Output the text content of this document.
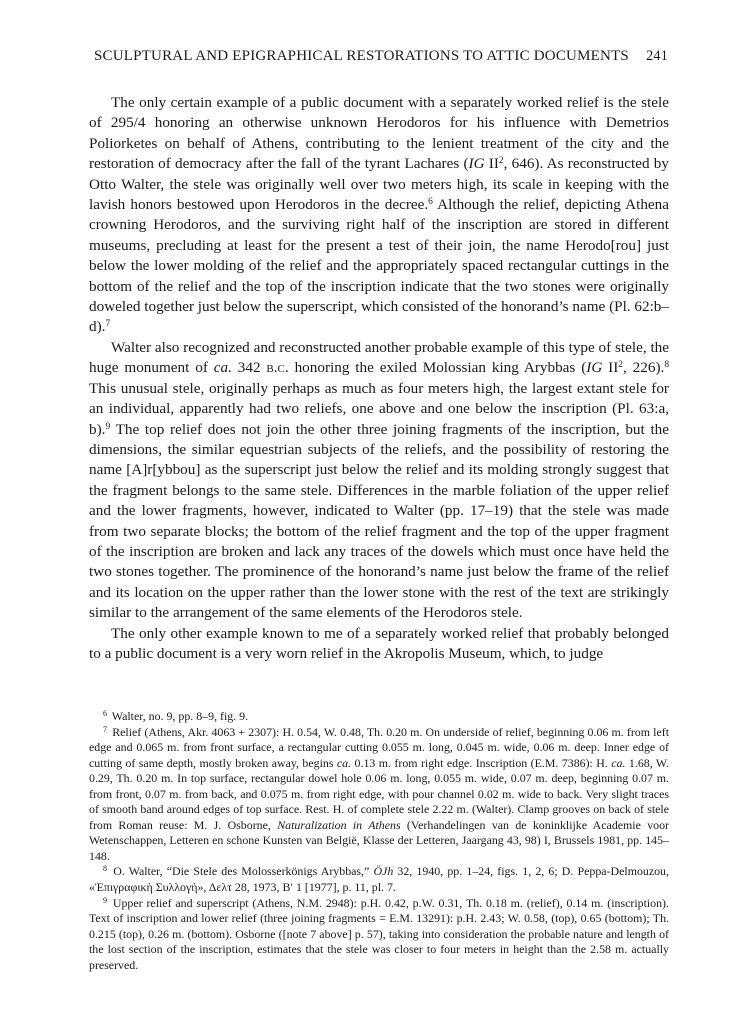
SCULPTURAL AND EPIGRAPHICAL RESTORATIONS TO ATTIC DOCUMENTS 241

The only certain example of a public document with a separately worked relief is the stele of 295/4 honoring an otherwise unknown Herodoros for his influence with Demetrios Poliorketes on behalf of Athens, contributing to the lenient treatment of the city and the restoration of democracy after the fall of the tyrant Lachares (IG $II^2$, 646). As reconstructed by Otto Walter, the stele was originally well over two meters high, its scale in keeping with the lavish honors bestowed upon Herodoros in the decree.$^6$ Although the relief, depicting Athena crowning Herodoros, and the surviving right half of the inscription are stored in different museums, precluding at least for the present a test of their join, the name Herodo[rou] just below the lower molding of the relief and the appropriately spaced rectangular cuttings in the bottom of the relief and the top of the inscription indicate that the two stones were originally doweled together just below the superscript, which consisted of the honorand’s name (Pl. 62:b–d).$^7$

Walter also recognized and reconstructed another probable example of this type of stele, the huge monument of ca. 342 b.c. honoring the exiled Molossian king Arybbas (IG $II^2$, 226).$^8$ This unusual stele, originally perhaps as much as four meters high, the largest extant stele for an individual, apparently had two reliefs, one above and one below the inscription (Pl. 63:a, b).$^9$ The top relief does not join the other three joining fragments of the inscription, but the dimensions, the similar equestrian subjects of the reliefs, and the possibility of restoring the name [A]r[ybbou] as the superscript just below the relief and its molding strongly suggest that the fragment belongs to the same stele. Differences in the marble foliation of the upper relief and the lower fragments, however, indicated to Walter (pp. 17–19) that the stele was made from two separate blocks; the bottom of the relief fragment and the top of the upper fragment of the inscription are broken and lack any traces of the dowels which must once have held the two stones together. The prominence of the honorand’s name just below the frame of the relief and its location on the upper rather than the lower stone with the rest of the text are strikingly similar to the arrangement of the same elements of the Herodoros stele.

The only other example known to me of a separately worked relief that probably belonged to a public document is a very worn relief in the Akropolis Museum, which, to judge

$^6$ Walter, no. 9, pp. 8–9, fig. 9.

$^7$ Relief (Athens, Akr. 4063 + 2307): H. 0.54, W. 0.48, Th. 0.20 m. On underside of relief, beginning 0.06 m. from left edge and 0.065 m. from front surface, a rectangular cutting 0.055 m. long, 0.045 m. wide, 0.06 m. deep. Inner edge of cutting of same depth, mostly broken away, begins ca. 0.13 m. from right edge. Inscription (E.M. 7386): H. ca. 1.68, W. 0.29, Th. 0.20 m. In top surface, rectangular dowel hole 0.06 m. long, 0.055 m. wide, 0.07 m. deep, beginning 0.07 m. from front, 0.07 m. from back, and 0.075 m. from right edge, with pour channel 0.02 m. wide to back. Very slight traces of smooth band around edges of top surface. Rest. H. of complete stele 2.22 m. (Walter). Clamp grooves on back of stele from Roman reuse: M. J. Osborne, Naturalization in Athens (Verhandelingen van de koninklijke Academie voor Wetenschappen, Letteren en schone Kunsten van België, Klasse der Letteren, Jaargang 43, 98) I, Brussels 1981, pp. 145–148.

$^8$ O. Walter, “Die Stele des Molosserkönigs Arybbas,” ÖJh 32, 1940, pp. 1–24, figs. 1, 2, 6; D. Peppa-Delmouzou, «Ἐπιγραφικὴ Συλλογή», Δελτ 28, 1973, Β′ 1 [1977], p. 11, pl. 7.

$^9$ Upper relief and superscript (Athens, N.M. 2948): p.H. 0.42, p.W. 0.31, Th. 0.18 m. (relief), 0.14 m. (inscription). Text of inscription and lower relief (three joining fragments = E.M. 13291): p.H. 2.43; W. 0.58, (top), 0.65 (bottom); Th. 0.215 (top), 0.26 m. (bottom). Osborne ([note 7 above] p. 57), taking into consideration the probable nature and length of the lost section of the inscription, estimates that the stele was closer to four meters in height than the 2.58 m. actually preserved.
